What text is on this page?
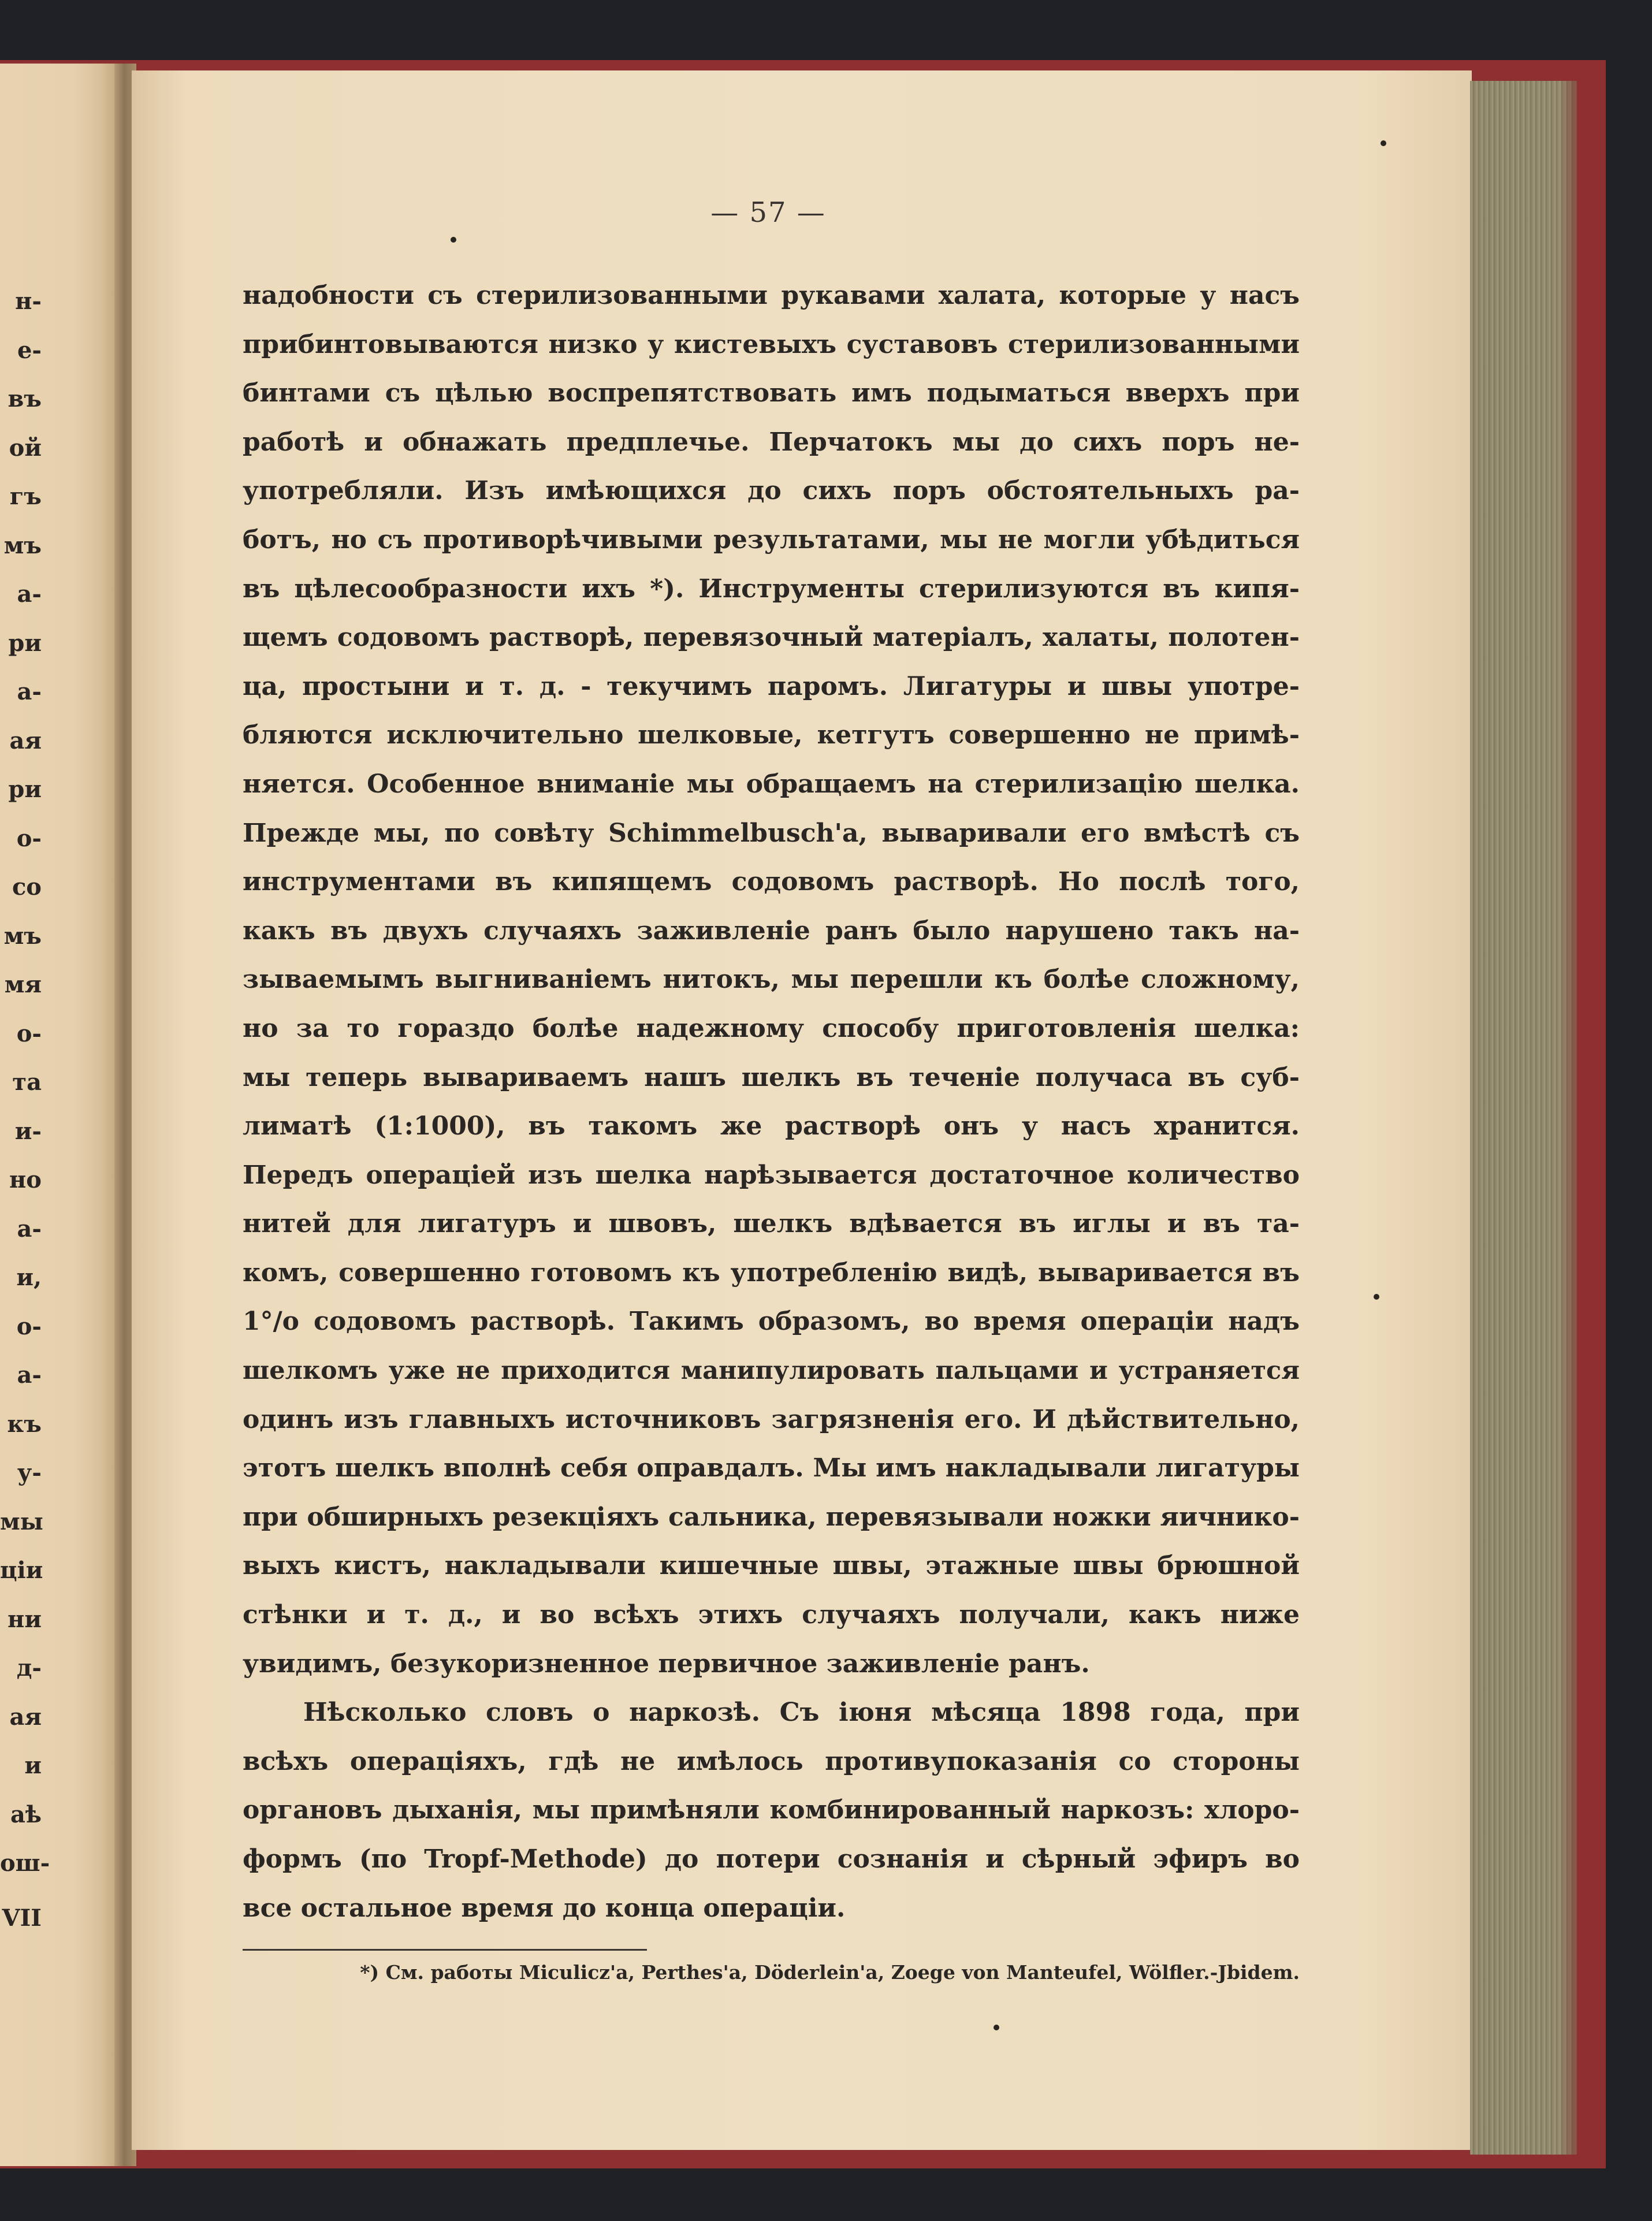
н-
е-
въ
ой
гъ
мъ
а-
ри
а-
ая
ри
о-
со
мъ
мя
о-
та
и-
но
а-
и,
о-
а-
къ
у-
мы
ціи
ни
д-
ая
и
аѣ
ош-
VII
— 57 —
надобности съ стерилизованными рукавами халата, которые у насъ
прибинтовываются низко у кистевыхъ суставовъ стерилизованными
бинтами съ цѣлью воспрепятствовать имъ подыматься вверхъ при
работѣ и обнажать предплечье. Перчатокъ мы до сихъ поръ не-
употребляли. Изъ имѣющихся до сихъ поръ обстоятельныхъ ра-
ботъ, но съ противорѣчивыми результатами, мы не могли убѣдиться
въ цѣлесообразности ихъ *). Инструменты стерилизуются въ кипя-
щемъ содовомъ растворѣ, перевязочный матеріалъ, халаты, полотен-
ца, простыни и т. д. - текучимъ паромъ. Лигатуры и швы употре-
бляются исключительно шелковые, кетгутъ совершенно не примѣ-
няется. Особенное вниманіе мы обращаемъ на стерилизацію шелка.
Прежде мы, по совѣту Schimmelbusch'а, вываривали его вмѣстѣ съ
инструментами въ кипящемъ содовомъ растворѣ. Но послѣ того,
какъ въ двухъ случаяхъ заживленіе ранъ было нарушено такъ на-
зываемымъ выгниваніемъ нитокъ, мы перешли къ болѣе сложному,
но за то гораздо болѣе надежному способу приготовленія шелка:
мы теперь вывариваемъ нашъ шелкъ въ теченіе получаса въ суб-
лиматѣ (1:1000), въ такомъ же растворѣ онъ у насъ хранится.
Передъ операціей изъ шелка нарѣзывается достаточное количество
нитей для лигатуръ и швовъ, шелкъ вдѣвается въ иглы и въ та-
комъ, совершенно готовомъ къ употребленію видѣ, вываривается въ
1°/о содовомъ растворѣ. Такимъ образомъ, во время операціи надъ
шелкомъ уже не приходится манипулировать пальцами и устраняется
одинъ изъ главныхъ источниковъ загрязненія его. И дѣйствительно,
этотъ шелкъ вполнѣ себя оправдалъ. Мы имъ накладывали лигатуры
при обширныхъ резекціяхъ сальника, перевязывали ножки яичнико-
выхъ кистъ, накладывали кишечные швы, этажные швы брюшной
стѣнки и т. д., и во всѣхъ этихъ случаяхъ получали, какъ ниже
увидимъ, безукоризненное первичное заживленіе ранъ.
Нѣсколько словъ о наркозѣ. Съ іюня мѣсяца 1898 года, при
всѣхъ операціяхъ, гдѣ не имѣлось противупоказанія со стороны
органовъ дыханія, мы примѣняли комбинированный наркозъ: хлоро-
формъ (по Tropf-Methode) до потери сознанія и сѣрный эфиръ во
все остальное время до конца операціи.
*) См. работы Miculicz'а, Perthes'а, Döderlein'а, Zoege von Manteufel, Wölfler.-Jbidem.
